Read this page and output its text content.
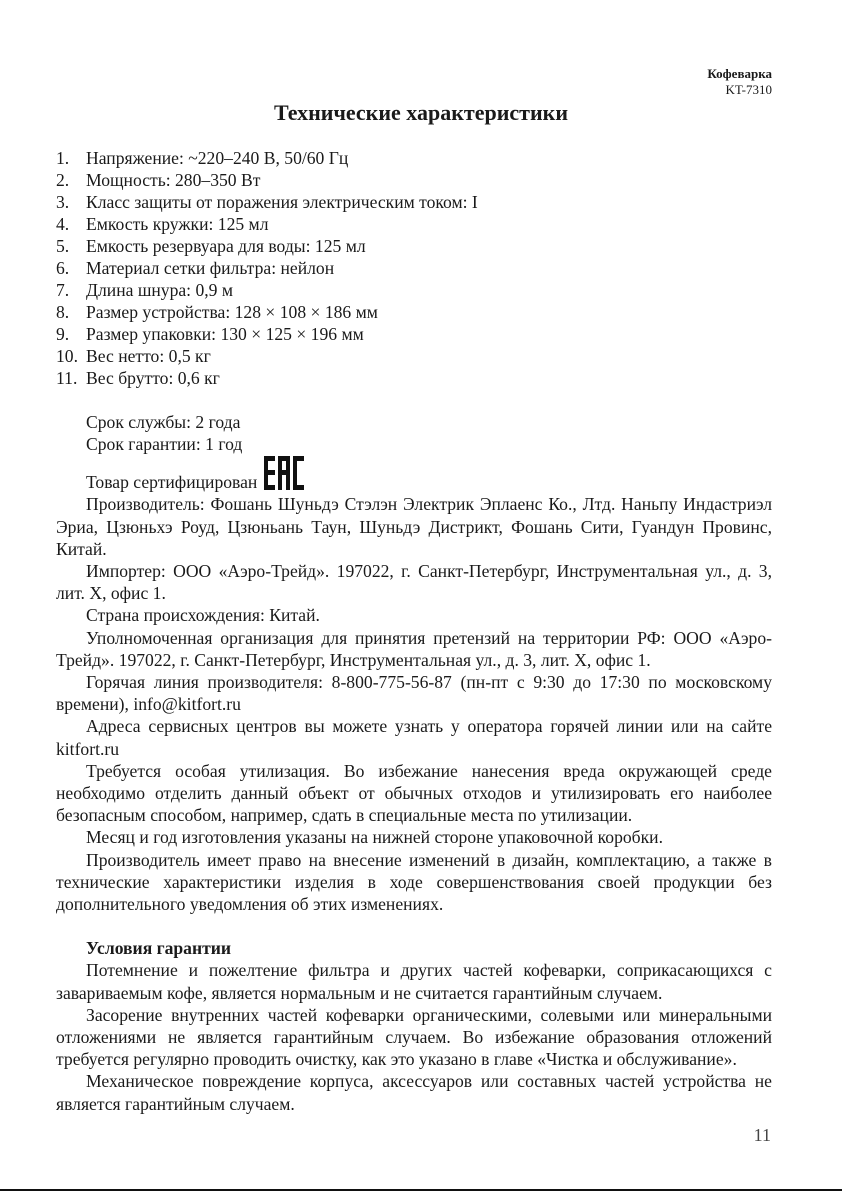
Кофеварка
KT-7310
Технические характеристики
1. Напряжение: ~220–240 В, 50/60 Гц
2. Мощность: 280–350 Вт
3. Класс защиты от поражения электрическим током: I
4. Емкость кружки: 125 мл
5. Емкость резервуара для воды: 125 мл
6. Материал сетки фильтра: нейлон
7. Длина шнура: 0,9 м
8. Размер устройства: 128 × 108 × 186 мм
9. Размер упаковки: 130 × 125 × 196 мм
10. Вес нетто: 0,5 кг
11. Вес брутто: 0,6 кг

Срок службы: 2 года

Срок гарантии: 1 год

Товар сертифицирован

Производитель: Фошань Шуньдэ Стэлэн Электрик Эплаенс Ко., Лтд. Наньпу Индастриэл Эриа, Цзюньхэ Роуд, Цзюньань Таун, Шуньдэ Дистрикт, Фошань Сити, Гуандун Провинс, Китай.

Импортер: ООО «Аэро-Трейд». 197022, г. Санкт-Петербург, Инструментальная ул., д. 3, лит. Х, офис 1.

Страна происхождения: Китай.

Уполномоченная организация для принятия претензий на территории РФ: ООО «Аэро-Трейд». 197022, г. Санкт-Петербург, Инструментальная ул., д. 3, лит. Х, офис 1.

Горячая линия производителя: 8-800-775-56-87 (пн-пт с 9:30 до 17:30 по московскому времени), info@kitfort.ru

Адреса сервисных центров вы можете узнать у оператора горячей линии или на сайте kitfort.ru

Требуется особая утилизация. Во избежание нанесения вреда окружающей среде необходимо отделить данный объект от обычных отходов и утилизировать его наиболее безопасным способом, например, сдать в специальные места по утилизации.

Месяц и год изготовления указаны на нижней стороне упаковочной коробки.

Производитель имеет право на внесение изменений в дизайн, комплектацию, а также в технические характеристики изделия в ходе совершенствования своей продукции без дополнительного уведомления об этих изменениях.

Условия гарантии

Потемнение и пожелтение фильтра и других частей кофеварки, соприкасающихся с завариваемым кофе, является нормальным и не считается гарантийным случаем.

Засорение внутренних частей кофеварки органическими, солевыми или минеральными отложениями не является гарантийным случаем. Во избежание образования отложений требуется регулярно проводить очистку, как это указано в главе «Чистка и обслуживание».

Механическое повреждение корпуса, аксессуаров или составных частей устройства не является гарантийным случаем.

11
